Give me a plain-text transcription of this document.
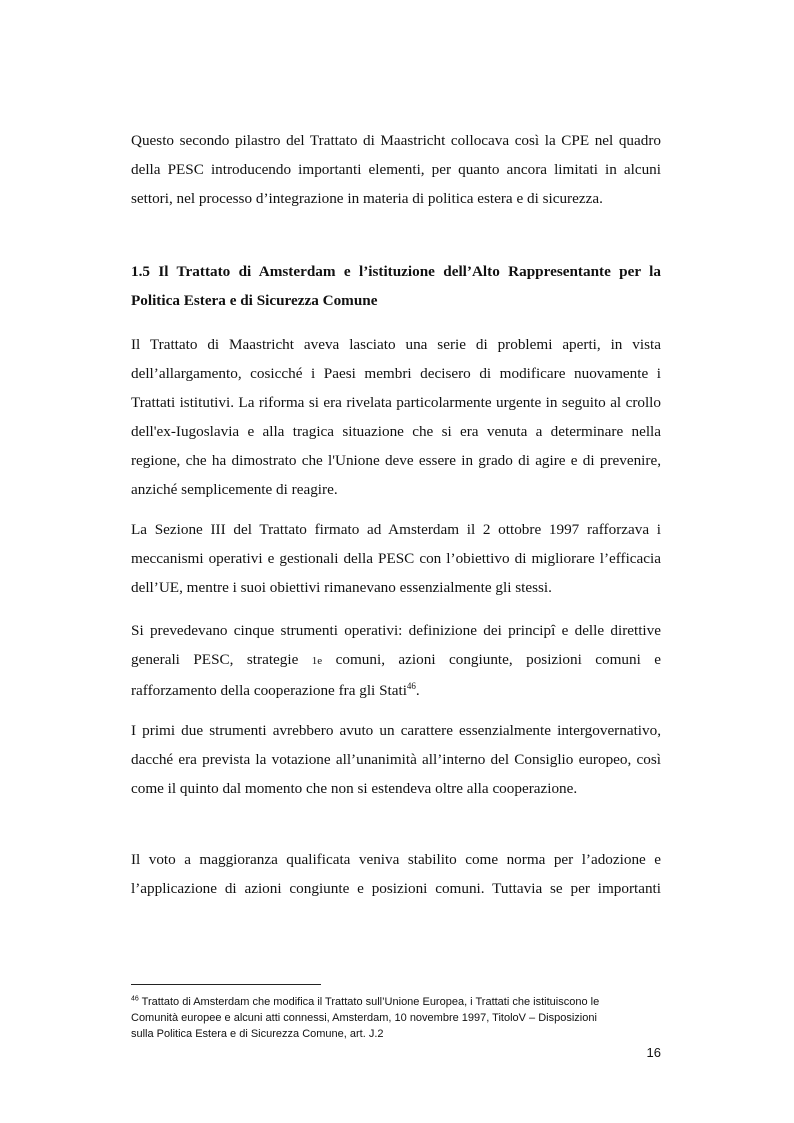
Questo secondo pilastro del Trattato di Maastricht collocava così la CPE nel quadro della PESC introducendo importanti elementi, per quanto ancora limitati in alcuni settori, nel processo d’integrazione in materia di politica estera e di sicurezza.

1.5 Il Trattato di Amsterdam e l’istituzione dell’Alto Rappresentante per la Politica Estera e di Sicurezza Comune

Il Trattato di Maastricht aveva lasciato una serie di problemi aperti, in vista dell’allargamento, cosicché i Paesi membri decisero di modificare nuovamente i Trattati istitutivi. La riforma si era rivelata particolarmente urgente in seguito al crollo dell'ex-Iugoslavia e alla tragica situazione che si era venuta a determinare nella regione, che ha dimostrato che l'Unione deve essere in grado di agire e di prevenire, anziché semplicemente di reagire.

La Sezione III del Trattato firmato ad Amsterdam il 2 ottobre 1997 rafforzava i meccanismi operativi e gestionali della PESC con l’obiettivo di migliorare l’efficacia dell’UE, mentre i suoi obiettivi rimanevano essenzialmente gli stessi.

Si prevedevano cinque strumenti operativi: definizione dei principî e delle direttive generali PESC, strategie 1e comuni, azioni congiunte, posizioni comuni e rafforzamento della cooperazione fra gli Stati$^{46}$.

I primi due strumenti avrebbero avuto un carattere essenzialmente intergovernativo, dacché era prevista la votazione all’unanimità all’interno del Consiglio europeo, così come il quinto dal momento che non si estendeva oltre alla cooperazione.

Il voto a maggioranza qualificata veniva stabilito come norma per l’adozione e l’applicazione di azioni congiunte e posizioni comuni. Tuttavia se per importanti

$^{46}$ Trattato di Amsterdam che modifica il Trattato sull’Unione Europea, i Trattati che istituiscono le Comunità europee e alcuni atti connessi, Amsterdam, 10 novembre 1997, TitoloV – Disposizioni sulla Politica Estera e di Sicurezza Comune, art. J.2

16
